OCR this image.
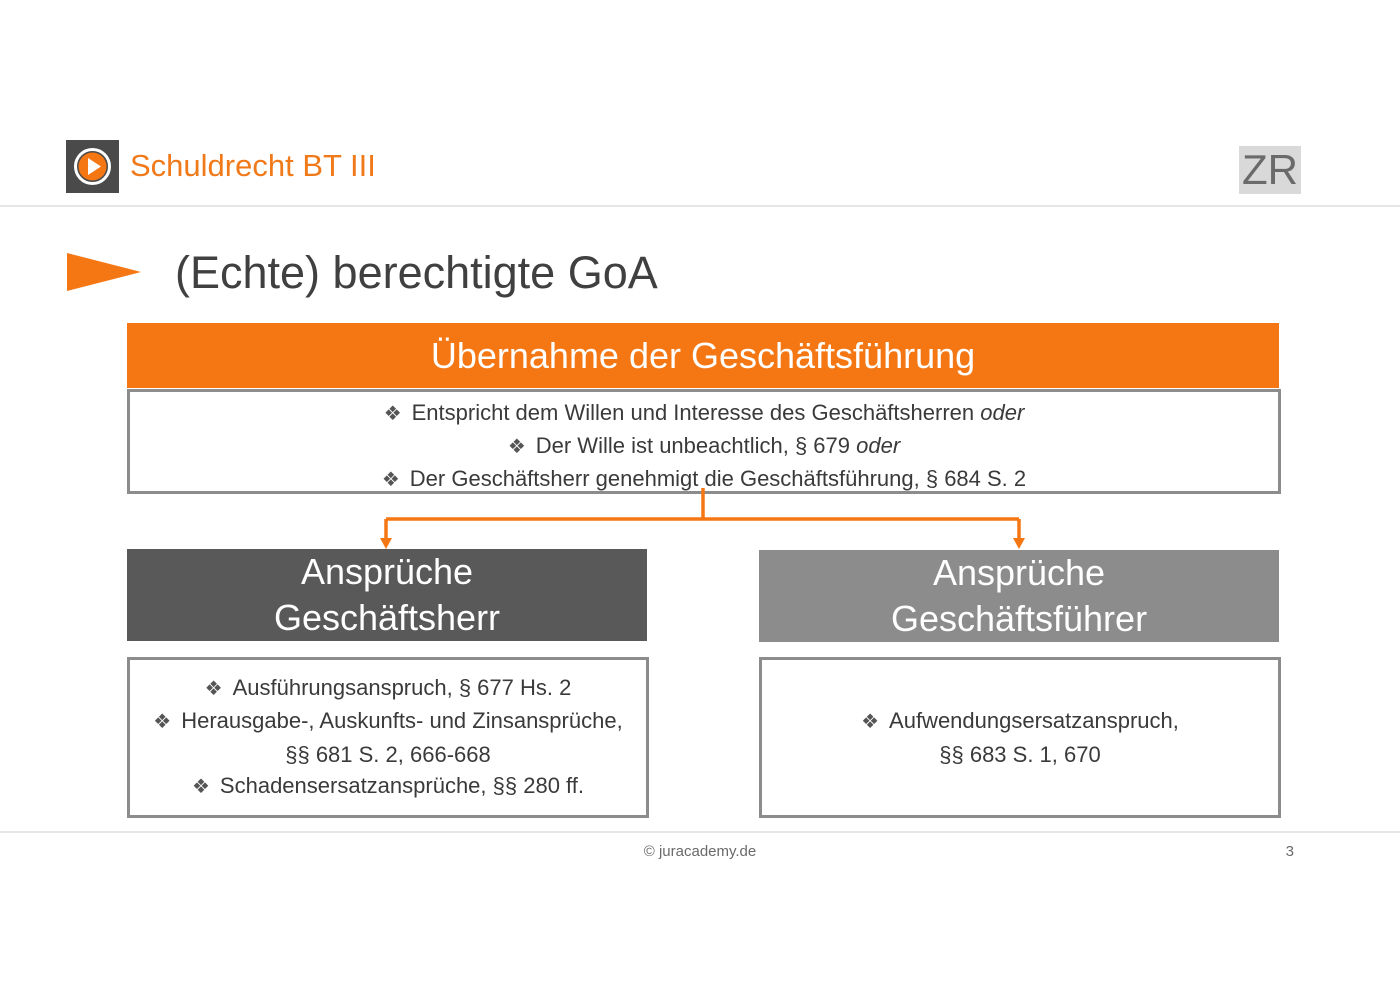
Schuldrecht BT III	ZR
(Echte) berechtigte GoA
Übernahme der Geschäftsführung
❖ Entspricht dem Willen und Interesse des Geschäftsherren oder
❖ Der Wille ist unbeachtlich, § 679 oder
❖ Der Geschäftsherr genehmigt die Geschäftsführung, § 684 S. 2
Ansprüche
Geschäftsherr
Ansprüche
Geschäftsführer
❖ Ausführungsanspruch, § 677 Hs. 2
❖ Herausgabe-, Auskunfts- und Zinsansprüche,
§§ 681 S. 2, 666-668
❖ Schadensersatzansprüche, §§ 280 ff.
❖ Aufwendungsersatzanspruch,
§§ 683 S. 1, 670
© juracademy.de	3
